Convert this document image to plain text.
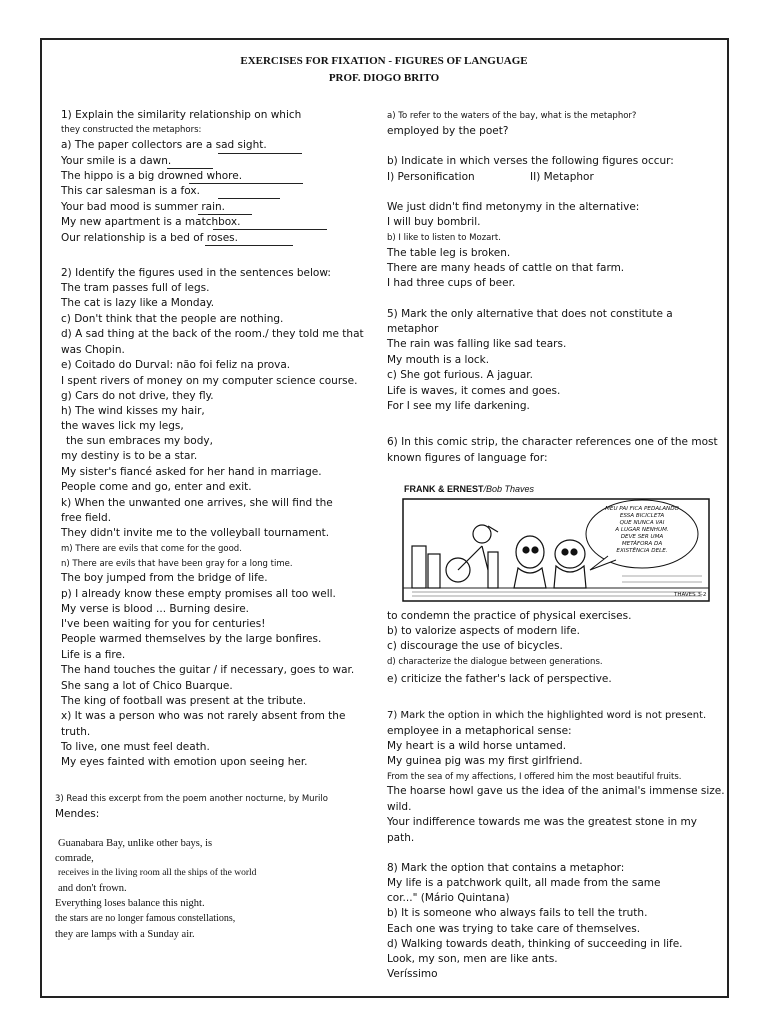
EXERCISES FOR FIXATION - FIGURES OF LANGUAGE
PROF. DIOGO BRITO
1) Explain the similarity relationship on which
they constructed the metaphors:
a) The paper collectors are a sad sight.
Your smile is a dawn.
The hippo is a big drowned whore.
This car salesman is a fox.
Your bad mood is summer rain.
My new apartment is a matchbox.
Our relationship is a bed of roses.
2) Identify the figures used in the sentences below:
The tram passes full of legs.
The cat is lazy like a Monday.
c) Don't think that the people are nothing.
d) A sad thing at the back of the room./ they told me that
was Chopin.
e) Coitado do Durval: não foi feliz na prova.
I spent rivers of money on my computer science course.
g) Cars do not drive, they fly.
h) The wind kisses my hair,
the waves lick my legs,
the sun embraces my body,
my destiny is to be a star.
My sister's fiancé asked for her hand in marriage.
People come and go, enter and exit.
k) When the unwanted one arrives, she will find the
free field.
They didn't invite me to the volleyball tournament.
m) There are evils that come for the good.
n) There are evils that have been gray for a long time.
The boy jumped from the bridge of life.
p) I already know these empty promises all too well.
My verse is blood ... Burning desire.
I've been waiting for you for centuries!
People warmed themselves by the large bonfires.
Life is a fire.
The hand touches the guitar / if necessary, goes to war.
She sang a lot of Chico Buarque.
The king of football was present at the tribute.
x) It was a person who was not rarely absent from the
truth.
To live, one must feel death.
My eyes fainted with emotion upon seeing her.
3) Read this excerpt from the poem another nocturne, by Murilo
Mendes:
Guanabara Bay, unlike other bays, is
comrade,
receives in the living room all the ships of the world
and don't frown.
Everything loses balance this night.
the stars are no longer famous constellations,
they are lamps with a Sunday air.
a) To refer to the waters of the bay, what is the metaphor?
employed by the poet?
b) Indicate in which verses the following figures occur:
I) Personification	II) Metaphor
We just didn't find metonymy in the alternative:
I will buy bombril.
b) I like to listen to Mozart.
The table leg is broken.
There are many heads of cattle on that farm.
I had three cups of beer.
5) Mark the only alternative that does not constitute a
metaphor
The rain was falling like sad tears.
My mouth is a lock.
c) She got furious. A jaguar.
Life is waves, it comes and goes.
For I see my life darkening.
6) In this comic strip, the character references one of the most
known figures of language for:
FRANK & ERNEST/Bob Thaves
MEU PAI FICA PEDALANDO
ESSA BICICLETA
QUE NUNCA VAI
A LUGAR NENHUM.
DEVE SER UMA
METÁFORA DA
EXISTÊNCIA DELE.
THAVES 3-2
to condemn the practice of physical exercises.
b) to valorize aspects of modern life.
c) discourage the use of bicycles.
d) characterize the dialogue between generations.
e) criticize the father's lack of perspective.
7) Mark the option in which the highlighted word is not present.
employee in a metaphorical sense:
My heart is a wild horse untamed.
My guinea pig was my first girlfriend.
From the sea of my affections, I offered him the most beautiful fruits.
The hoarse howl gave us the idea of the animal's immense size.
wild.
Your indifference towards me was the greatest stone in my
path.
8) Mark the option that contains a metaphor:
My life is a patchwork quilt, all made from the same
cor..." (Mário Quintana)
b) It is someone who always fails to tell the truth.
Each one was trying to take care of themselves.
d) Walking towards death, thinking of succeeding in life.
Look, my son, men are like ants.
Veríssimo
